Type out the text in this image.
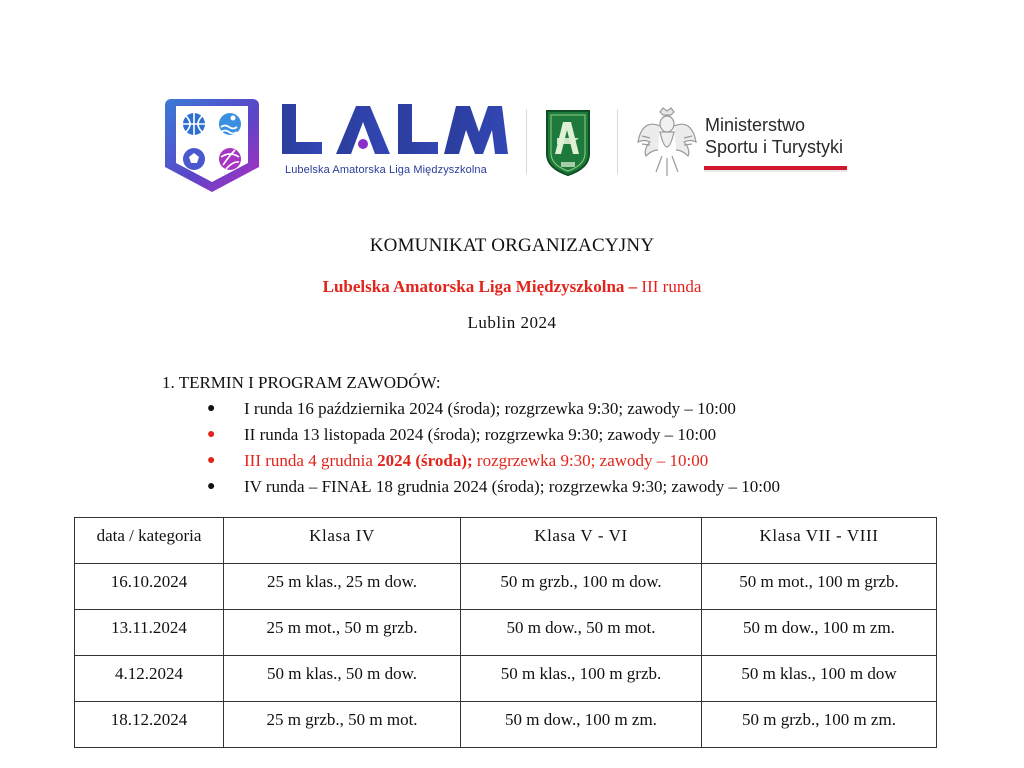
Lubelska Amatorska Liga Międzyszkolna
Ministerstwo
Sportu i Turystyki
KOMUNIKAT ORGANIZACYJNY
Lubelska Amatorska Liga Międzyszkolna – III runda
Lublin 2024
1. TERMIN I PROGRAM ZAWODÓW:
● I runda 16 października 2024 (środa); rozgrzewka 9:30; zawody – 10:00
● II runda 13 listopada 2024 (środa); rozgrzewka 9:30; zawody – 10:00
● III runda 4 grudnia 2024 (środa); rozgrzewka 9:30; zawody – 10:00
● IV runda – FINAŁ 18 grudnia 2024 (środa); rozgrzewka 9:30; zawody – 10:00
data / kategoria	Klasa IV	Klasa V - VI	Klasa VII - VIII
16.10.2024	25 m klas., 25 m dow.	50 m grzb., 100 m dow.	50 m mot., 100 m grzb.
13.11.2024	25 m mot., 50 m grzb.	50 m dow., 50 m mot.	50 m dow., 100 m zm.
4.12.2024	50 m klas., 50 m dow.	50 m klas., 100 m grzb.	50 m klas., 100 m dow
18.12.2024	25 m grzb., 50 m mot.	50 m dow., 100 m zm.	50 m grzb., 100 m zm.
